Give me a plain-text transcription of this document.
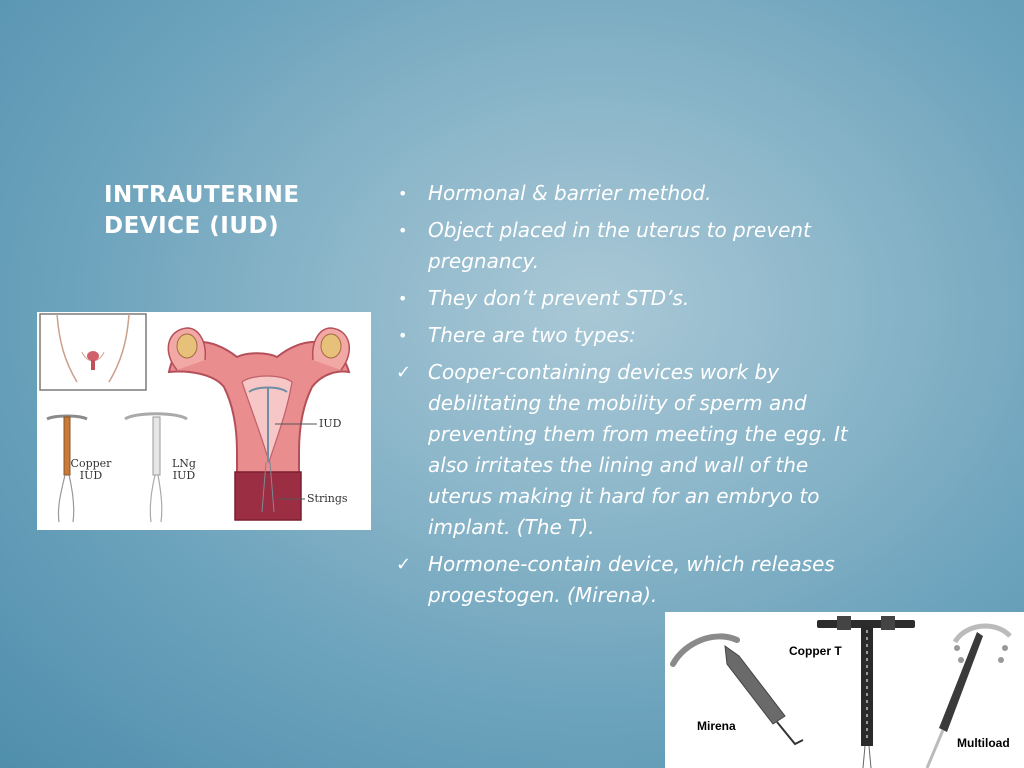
INTRAUTERINE DEVICE (IUD)
•	Hormonal & barrier method.
•	Object placed in the uterus to prevent pregnancy.
•	They don’t prevent STD’s.
•	There are two types:
✓ Cooper-containing devices work by debilitating the mobility of sperm and preventing them from meeting the egg. It also irritates the lining and wall of the uterus making it hard for an embryo to implant. (The T).
✓ Hormone-contain device, which releases progestogen. (Mirena).
Copper IUD
LNg IUD
IUD
Strings
Copper T
Mirena
Multiload
